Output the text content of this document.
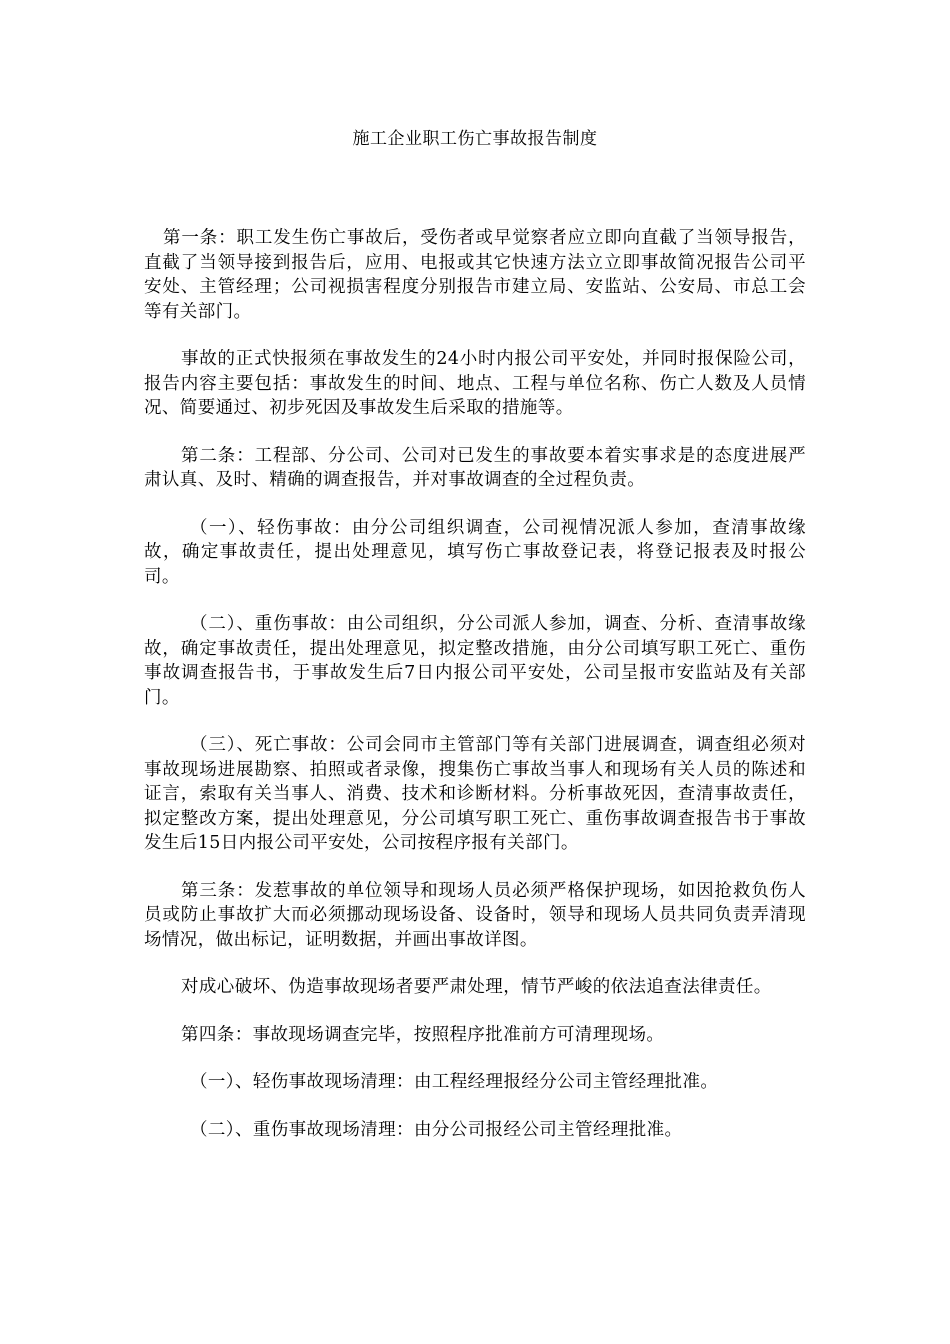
施工企业职工伤亡事故报告制度

第一条：职工发生伤亡事故后，受伤者或早觉察者应立即向直截了当领导报告，直截了当领导接到报告后，应用、电报或其它快速方法立立即事故简况报告公司平安处、主管经理；公司视损害程度分别报告市建立局、安监站、公安局、市总工会等有关部门。

事故的正式快报须在事故发生的24小时内报公司平安处，并同时报保险公司，报告内容主要包括：事故发生的时间、地点、工程与单位名称、伤亡人数及人员情况、简要通过、初步死因及事故发生后采取的措施等。

第二条：工程部、分公司、公司对已发生的事故要本着实事求是的态度进展严肃认真、及时、精确的调查报告，并对事故调查的全过程负责。

（一）、轻伤事故：由分公司组织调查，公司视情况派人参加，查清事故缘故，确定事故责任，提出处理意见，填写伤亡事故登记表，将登记报表及时报公司。

（二）、重伤事故：由公司组织，分公司派人参加，调查、分析、查清事故缘故，确定事故责任，提出处理意见，拟定整改措施，由分公司填写职工死亡、重伤事故调查报告书，于事故发生后7日内报公司平安处，公司呈报市安监站及有关部门。

（三）、死亡事故：公司会同市主管部门等有关部门进展调查，调查组必须对事故现场进展勘察、拍照或者录像，搜集伤亡事故当事人和现场有关人员的陈述和证言，索取有关当事人、消费、技术和诊断材料。分析事故死因，查清事故责任，拟定整改方案，提出处理意见，分公司填写职工死亡、重伤事故调查报告书于事故发生后15日内报公司平安处，公司按程序报有关部门。

第三条：发惹事故的单位领导和现场人员必须严格保护现场，如因抢救负伤人员或防止事故扩大而必须挪动现场设备、设备时，领导和现场人员共同负责弄清现场情况，做出标记，证明数据，并画出事故详图。

对成心破坏、伪造事故现场者要严肃处理，情节严峻的依法追查法律责任。

第四条：事故现场调查完毕，按照程序批准前方可清理现场。

（一）、轻伤事故现场清理：由工程经理报经分公司主管经理批准。

（二）、重伤事故现场清理：由分公司报经公司主管经理批准。
